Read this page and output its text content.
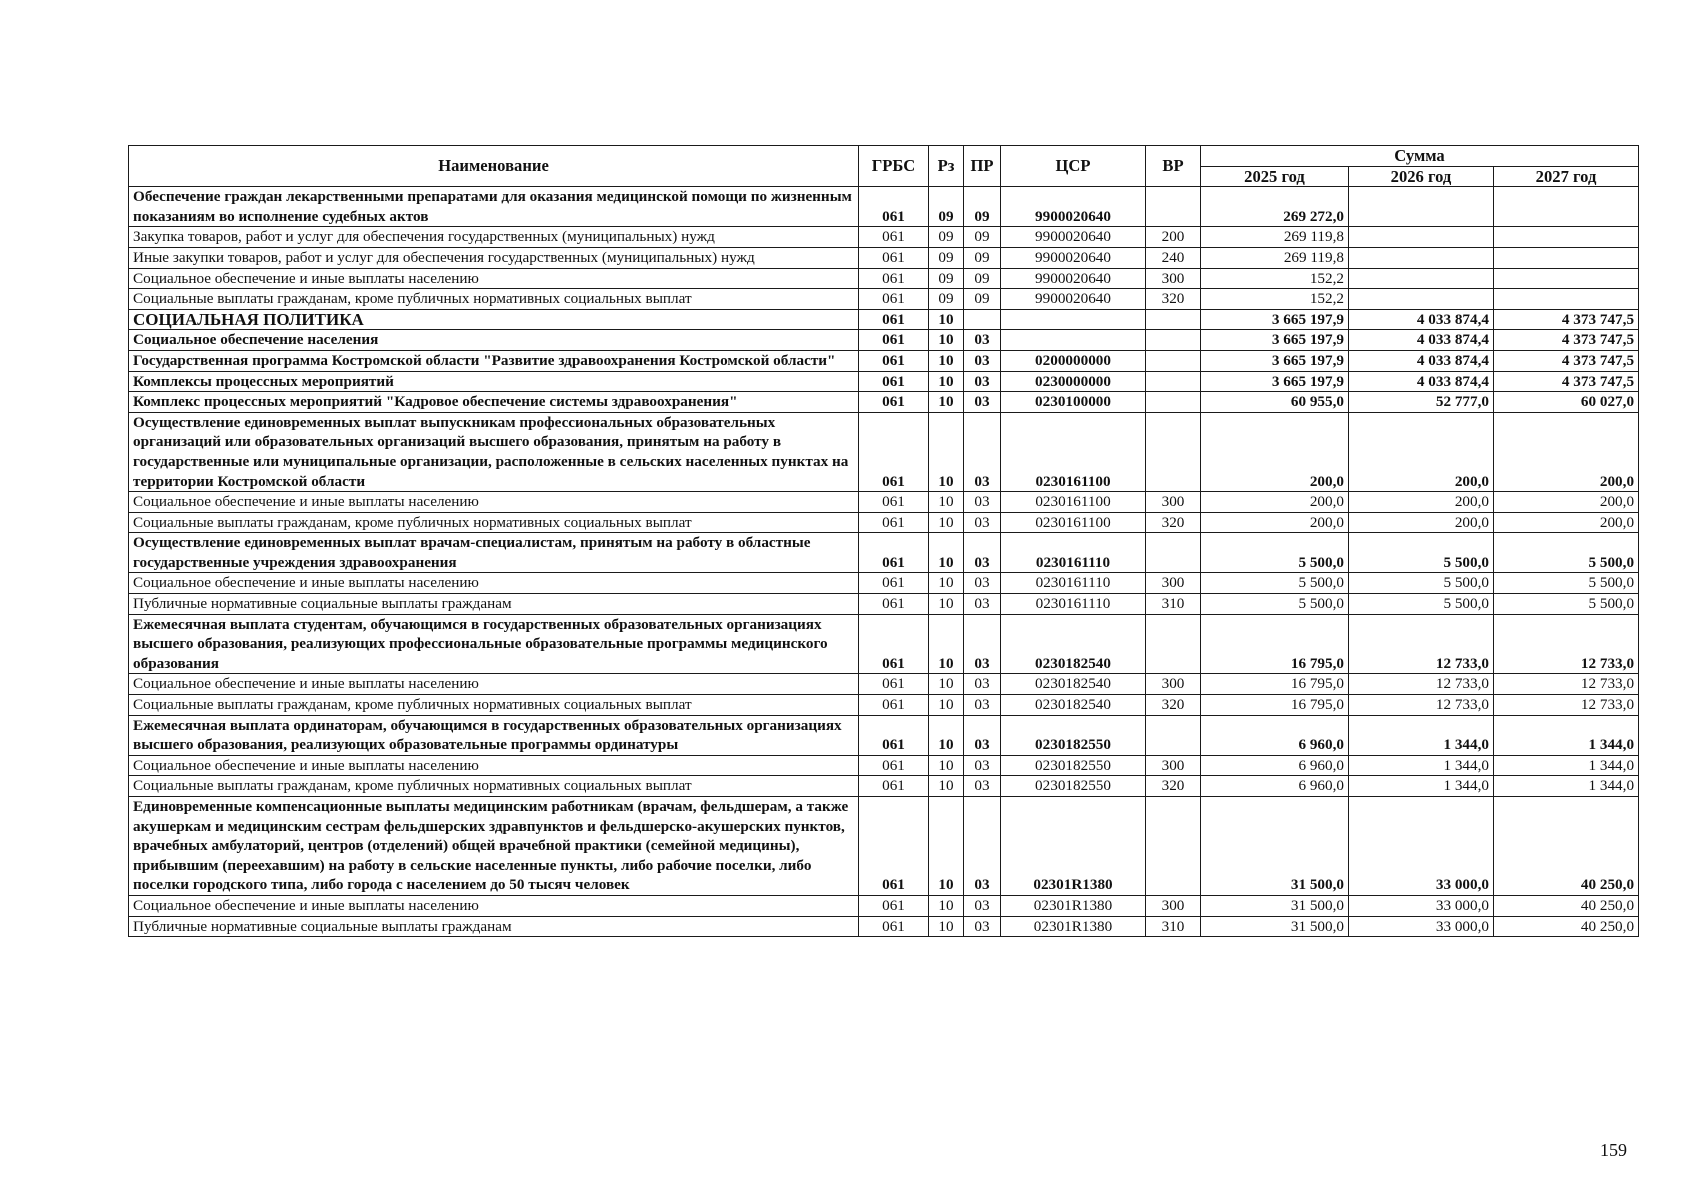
Наименование	ГРБС	Рз	ПР	ЦСР	ВР	Сумма		
						2025 год	2026 год	2027 год
Обеспечение граждан лекарственными препаратами для оказания медицинской помощи по жизненным показаниям во исполнение судебных актов	061	09	09	9900020640		269 272,0		
Закупка товаров, работ и услуг для обеспечения государственных (муниципальных) нужд	061	09	09	9900020640	200	269 119,8		
Иные закупки товаров, работ и услуг для обеспечения государственных (муниципальных) нужд	061	09	09	9900020640	240	269 119,8		
Социальное обеспечение и иные выплаты населению	061	09	09	9900020640	300	152,2		
Социальные выплаты гражданам, кроме публичных нормативных социальных выплат	061	09	09	9900020640	320	152,2		
СОЦИАЛЬНАЯ ПОЛИТИКА	061	10				3 665 197,9	4 033 874,4	4 373 747,5
Социальное обеспечение населения	061	10	03			3 665 197,9	4 033 874,4	4 373 747,5
Государственная программа Костромской области "Развитие здравоохранения Костромской области"	061	10	03	0200000000		3 665 197,9	4 033 874,4	4 373 747,5
Комплексы процессных мероприятий	061	10	03	0230000000		3 665 197,9	4 033 874,4	4 373 747,5
Комплекс процессных мероприятий "Кадровое обеспечение системы здравоохранения"	061	10	03	0230100000		60 955,0	52 777,0	60 027,0
Осуществление единовременных выплат выпускникам профессиональных образовательных организаций или образовательных организаций высшего образования, принятым на работу в государственные или муниципальные организации, расположенные в сельских населенных пунктах на территории Костромской области	061	10	03	0230161100		200,0	200,0	200,0
Социальное обеспечение и иные выплаты населению	061	10	03	0230161100	300	200,0	200,0	200,0
Социальные выплаты гражданам, кроме публичных нормативных социальных выплат	061	10	03	0230161100	320	200,0	200,0	200,0
Осуществление единовременных выплат врачам-специалистам, принятым на работу в областные государственные учреждения здравоохранения	061	10	03	0230161110		5 500,0	5 500,0	5 500,0
Социальное обеспечение и иные выплаты населению	061	10	03	0230161110	300	5 500,0	5 500,0	5 500,0
Публичные нормативные социальные выплаты гражданам	061	10	03	0230161110	310	5 500,0	5 500,0	5 500,0
Ежемесячная выплата студентам, обучающимся в государственных образовательных организациях высшего образования, реализующих профессиональные образовательные программы медицинского образования	061	10	03	0230182540		16 795,0	12 733,0	12 733,0
Социальное обеспечение и иные выплаты населению	061	10	03	0230182540	300	16 795,0	12 733,0	12 733,0
Социальные выплаты гражданам, кроме публичных нормативных социальных выплат	061	10	03	0230182540	320	16 795,0	12 733,0	12 733,0
Ежемесячная выплата ординаторам, обучающимся в государственных образовательных организациях высшего образования, реализующих образовательные программы ординатуры	061	10	03	0230182550		6 960,0	1 344,0	1 344,0
Социальное обеспечение и иные выплаты населению	061	10	03	0230182550	300	6 960,0	1 344,0	1 344,0
Социальные выплаты гражданам, кроме публичных нормативных социальных выплат	061	10	03	0230182550	320	6 960,0	1 344,0	1 344,0
Единовременные компенсационные выплаты медицинским работникам (врачам, фельдшерам, а также акушеркам и медицинским сестрам фельдшерских здравпунктов и фельдшерско-акушерских пунктов, врачебных амбулаторий, центров (отделений) общей врачебной практики (семейной медицины), прибывшим (переехавшим) на работу в сельские населенные пункты, либо рабочие поселки, либо поселки городского типа, либо города с населением до 50 тысяч человек	061	10	03	02301R1380		31 500,0	33 000,0	40 250,0
Социальное обеспечение и иные выплаты населению	061	10	03	02301R1380	300	31 500,0	33 000,0	40 250,0
Публичные нормативные социальные выплаты гражданам	061	10	03	02301R1380	310	31 500,0	33 000,0	40 250,0
159
